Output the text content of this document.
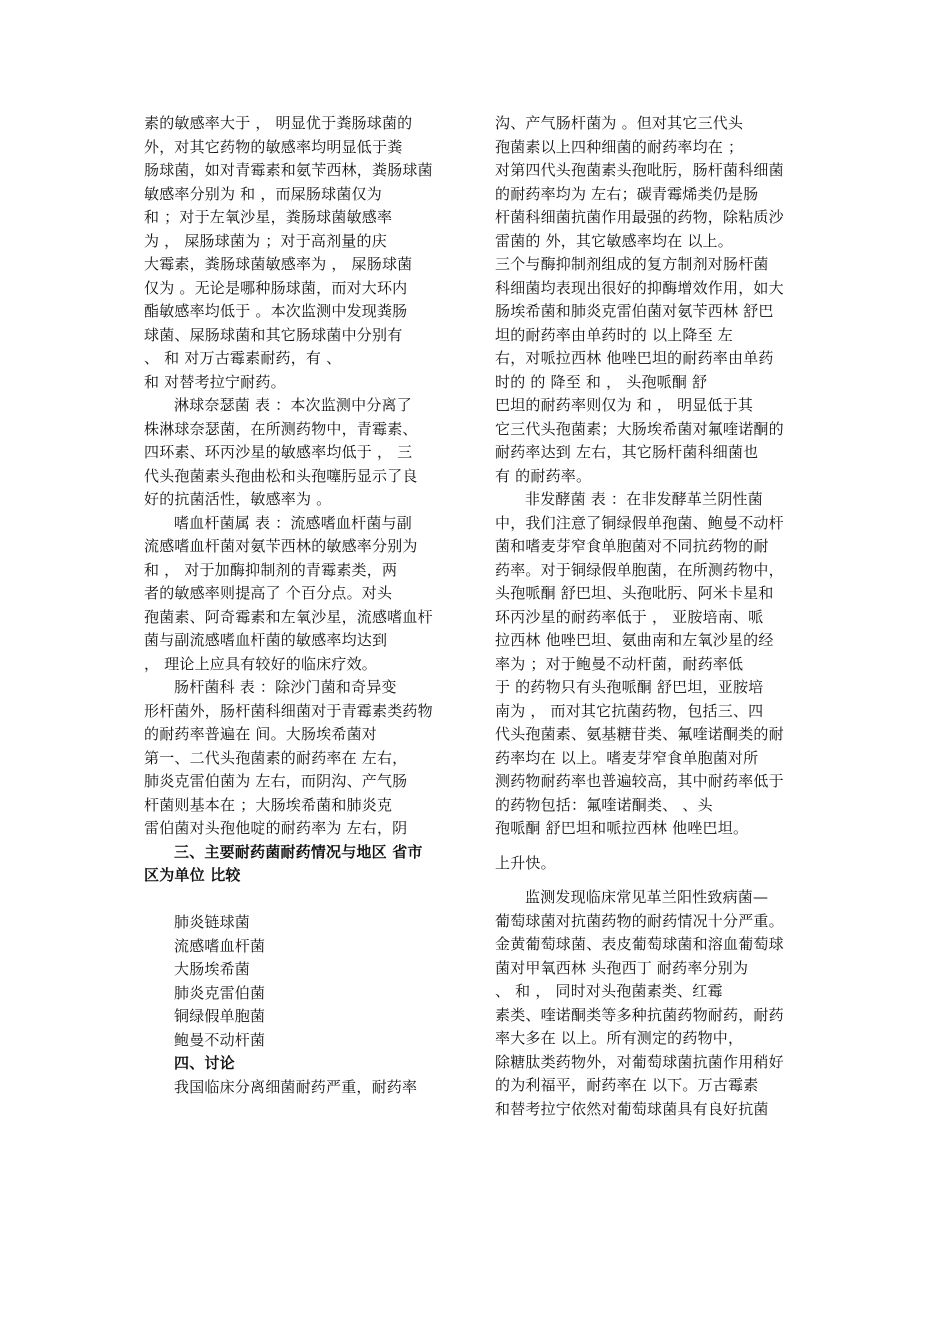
素的敏感率大于 ， 明显优于粪肠球菌的
外，对其它药物的敏感率均明显低于粪
肠球菌，如对青霉素和氨苄西林，粪肠球菌
敏感率分别为 和 ，而屎肠球菌仅为
和 ；对于左氧沙星，粪肠球菌敏感率
为 ， 屎肠球菌为 ；对于高剂量的庆
大霉素，粪肠球菌敏感率为 ， 屎肠球菌
仅为 。无论是哪种肠球菌，而对大环内
酯敏感率均低于 。本次监测中发现粪肠
球菌、屎肠球菌和其它肠球菌中分别有
、 和 对万古霉素耐药，有 、
和 对替考拉宁耐药。
淋球奈瑟菌 表 ：本次监测中分离了
株淋球奈瑟菌，在所测药物中，青霉素、
四环素、环丙沙星的敏感率均低于 ， 三
代头孢菌素头孢曲松和头孢噻肟显示了良
好的抗菌活性，敏感率为 。
嗜血杆菌属 表 ：流感嗜血杆菌与副
流感嗜血杆菌对氨苄西林的敏感率分别为
和 ， 对于加酶抑制剂的青霉素类，两
者的敏感率则提高了 个百分点。对头
孢菌素、阿奇霉素和左氧沙星，流感嗜血杆
菌与副流感嗜血杆菌的敏感率均达到
， 理论上应具有较好的临床疗效。
肠杆菌科 表 ：除沙门菌和奇异变
形杆菌外，肠杆菌科细菌对于青霉素类药物
的耐药率普遍在 间。大肠埃希菌对
第一、二代头孢菌素的耐药率在 左右，
肺炎克雷伯菌为 左右，而阴沟、产气肠
杆菌则基本在 ；大肠埃希菌和肺炎克
雷伯菌对头孢他啶的耐药率为 左右，阴
三、主要耐药菌耐药情况与地区 省市
区为单位 比较
肺炎链球菌
流感嗜血杆菌
大肠埃希菌
肺炎克雷伯菌
铜绿假单胞菌
鲍曼不动杆菌
四、讨论
我国临床分离细菌耐药严重，耐药率
沟、产气肠杆菌为 。但对其它三代头
孢菌素以上四种细菌的耐药率均在 ；
对第四代头孢菌素头孢吡肟，肠杆菌科细菌
的耐药率均为 左右；碳青霉烯类仍是肠
杆菌科细菌抗菌作用最强的药物，除粘质沙
雷菌的 外，其它敏感率均在 以上。
三个与酶抑制剂组成的复方制剂对肠杆菌
科细菌均表现出很好的抑酶增效作用，如大
肠埃希菌和肺炎克雷伯菌对氨苄西林 舒巴
坦的耐药率由单药时的 以上降至 左
右，对哌拉西林 他唑巴坦的耐药率由单药
时的 的 降至 和 ， 头孢哌酮 舒
巴坦的耐药率则仅为 和 ， 明显低于其
它三代头孢菌素；大肠埃希菌对氟喹诺酮的
耐药率达到 左右，其它肠杆菌科细菌也
有 的耐药率。
非发酵菌 表 ：在非发酵革兰阴性菌
中，我们注意了铜绿假单孢菌、鲍曼不动杆
菌和嗜麦芽窄食单胞菌对不同抗药物的耐
药率。对于铜绿假单胞菌，在所测药物中，
头孢哌酮 舒巴坦、头孢吡肟、阿米卡星和
环丙沙星的耐药率低于 ， 亚胺培南、哌
拉西林 他唑巴坦、氨曲南和左氧沙星的经
率为 ；对于鲍曼不动杆菌，耐药率低
于 的药物只有头孢哌酮 舒巴坦，亚胺培
南为 ， 而对其它抗菌药物，包括三、四
代头孢菌素、氨基糖苷类、氟喹诺酮类的耐
药率均在 以上。嗜麦芽窄食单胞菌对所
测药物耐药率也普遍较高，其中耐药率低于
的药物包括：氟喹诺酮类、 、头
孢哌酮 舒巴坦和哌拉西林 他唑巴坦。
上升快。
监测发现临床常见革兰阳性致病菌—
葡萄球菌对抗菌药物的耐药情况十分严重。
金黄葡萄球菌、表皮葡萄球菌和溶血葡萄球
菌对甲氧西林 头孢西丁 耐药率分别为
、 和 ， 同时对头孢菌素类、红霉
素类、喹诺酮类等多种抗菌药物耐药，耐药
率大多在 以上。所有测定的药物中，
除糖肽类药物外，对葡萄球菌抗菌作用稍好
的为利福平，耐药率在 以下。万古霉素
和替考拉宁依然对葡萄球菌具有良好抗菌
